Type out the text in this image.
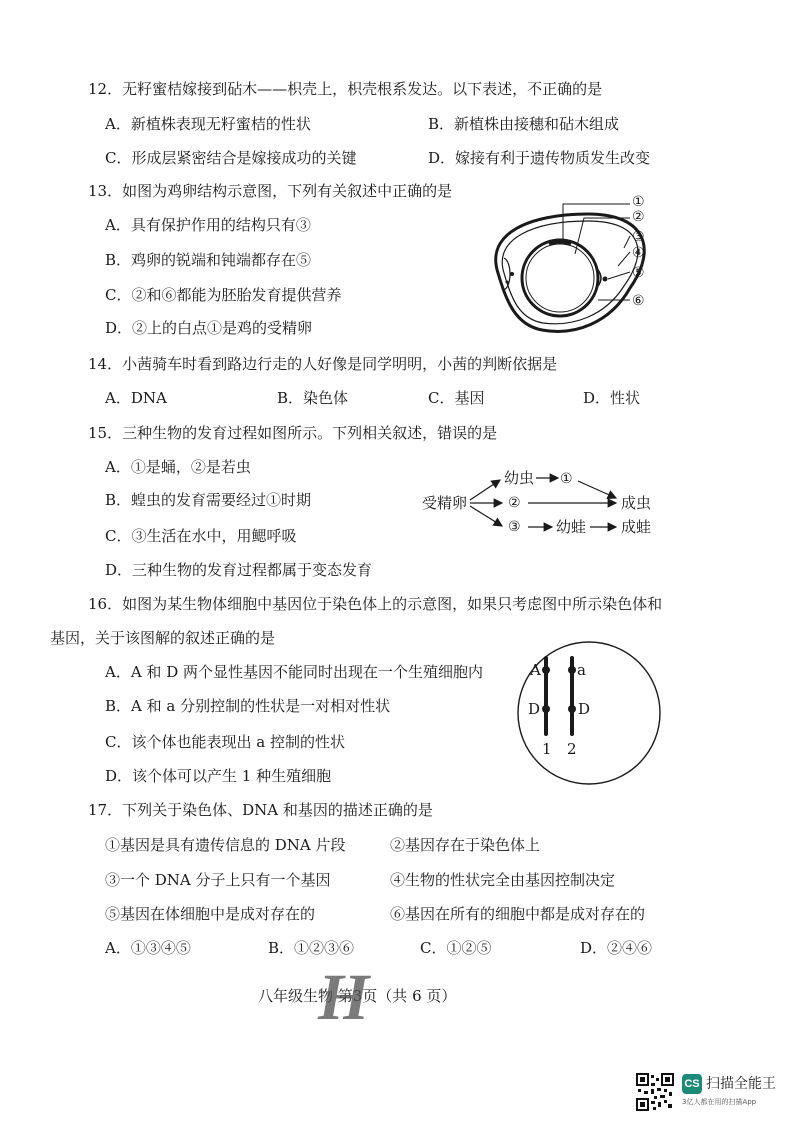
12．无籽蜜桔嫁接到砧木——枳壳上，枳壳根系发达。以下表述，不正确的是
A．新植株表现无籽蜜桔的性状	B．新植株由接穗和砧木组成
C．形成层紧密结合是嫁接成功的关键	D．嫁接有利于遗传物质发生改变
13．如图为鸡卵结构示意图，下列有关叙述中正确的是
A．具有保护作用的结构只有③
B．鸡卵的锐端和钝端都存在⑤
C．②和⑥都能为胚胎发育提供营养
D．②上的白点①是鸡的受精卵
①
②
③
④
⑤
⑥
14．小茜骑车时看到路边行走的人好像是同学明明，小茜的判断依据是
A．DNA	B．染色体	C．基因	D．性状
15．三种生物的发育过程如图所示。下列相关叙述，错误的是
A．①是蛹，②是若虫
B．蝗虫的发育需要经过①时期
C．③生活在水中，用鳃呼吸
D．三种生物的发育过程都属于变态发育
受精卵
幼虫 ①
②	成虫
③ 幼蛙 成蛙
16．如图为某生物体细胞中基因位于染色体上的示意图，如果只考虑图中所示染色体和
基因，关于该图解的叙述正确的是
A．A 和 D 两个显性基因不能同时出现在一个生殖细胞内
B．A 和 a 分别控制的性状是一对相对性状
C．该个体也能表现出 a 控制的性状
D．该个体可以产生 1 种生殖细胞
A a
D	D
1 2
17．下列关于染色体、DNA 和基因的描述正确的是
①基因是具有遗传信息的 DNA 片段	②基因存在于染色体上
③一个 DNA 分子上只有一个基因	④生物的性状完全由基因控制决定
⑤基因在体细胞中是成对存在的	⑥基因在所有的细胞中都是成对存在的
A．①③④⑤	B．①②③⑥	C．①②⑤	D．②④⑥
八年级生物 第3页（共 6 页）
H
CS 扫描全能王
3亿人都在用的扫描App
